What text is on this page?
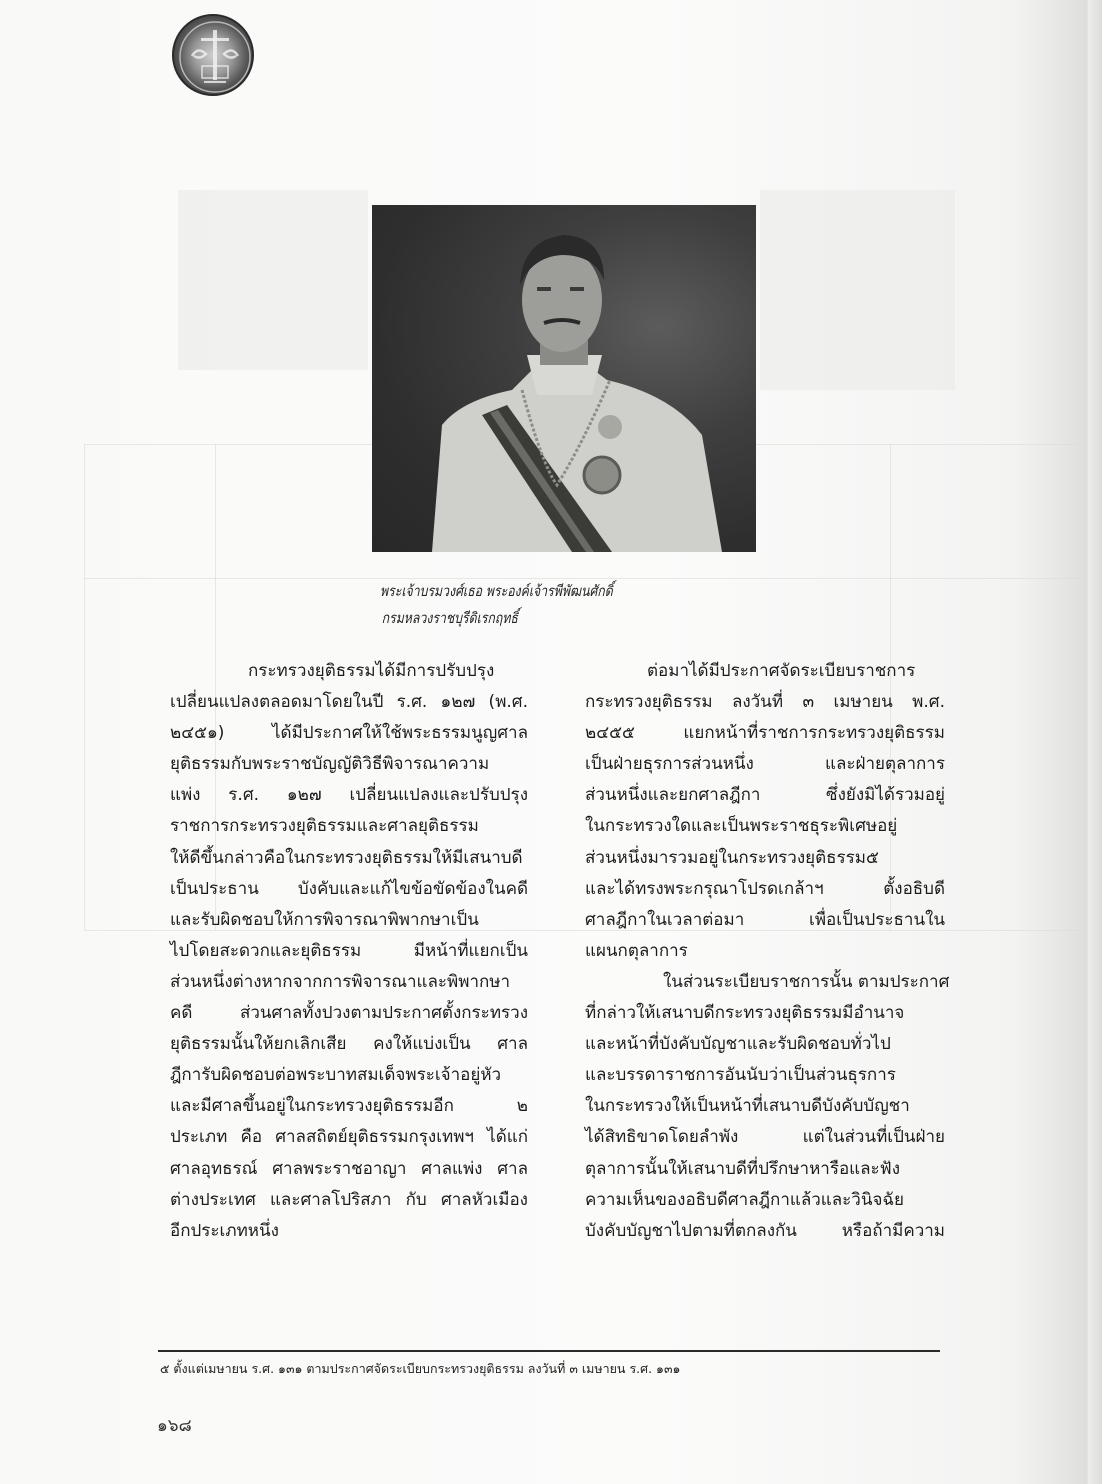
พระเจ้าบรมวงศ์เธอ พระองค์เจ้ารพีพัฒนศักดิ์
กรมหลวงราชบุรีดิเรกฤทธิ์
กระทรวงยุติธรรมได้มีการปรับปรุง
เปลี่ยนแปลงตลอดมาโดยในปี ร.ศ. ๑๒๗ (พ.ศ.
๒๔๕๑) ได้มีประกาศให้ใช้พระธรรมนูญศาล
ยุติธรรมกับพระราชบัญญัติวิธีพิจารณาความ
แพ่ง ร.ศ. ๑๒๗ เปลี่ยนแปลงและปรับปรุง
ราชการกระทรวงยุติธรรมและศาลยุติธรรม
ให้ดีขึ้นกล่าวคือในกระทรวงยุติธรรมให้มีเสนาบดี
เป็นประธาน บังคับและแก้ไขข้อขัดข้องในคดี
และรับผิดชอบให้การพิจารณาพิพากษาเป็น
ไปโดยสะดวกและยุติธรรม มีหน้าที่แยกเป็น
ส่วนหนึ่งต่างหากจากการพิจารณาและพิพากษา
คดี ส่วนศาลทั้งปวงตามประกาศตั้งกระทรวง
ยุติธรรมนั้นให้ยกเลิกเสีย คงให้แบ่งเป็น ศาล
ฎีการับผิดชอบต่อพระบาทสมเด็จพระเจ้าอยู่หัว
และมีศาลขึ้นอยู่ในกระทรวงยุติธรรมอีก ๒
ประเภท คือ ศาลสถิตย์ยุติธรรมกรุงเทพฯ ได้แก่
ศาลอุทธรณ์ ศาลพระราชอาญา ศาลแพ่ง ศาล
ต่างประเทศ และศาลโปริสภา กับ ศาลหัวเมือง
อีกประเภทหนึ่ง
ต่อมาได้มีประกาศจัดระเบียบราชการ
กระทรวงยุติธรรม ลงวันที่ ๓ เมษายน พ.ศ.
๒๔๕๕ แยกหน้าที่ราชการกระทรวงยุติธรรม
เป็นฝ่ายธุรการส่วนหนึ่ง และฝ่ายตุลาการ
ส่วนหนึ่งและยกศาลฎีกา ซึ่งยังมิได้รวมอยู่
ในกระทรวงใดและเป็นพระราชธุระพิเศษอยู่
ส่วนหนึ่งมารวมอยู่ในกระทรวงยุติธรรม๕
และได้ทรงพระกรุณาโปรดเกล้าฯ ตั้งอธิบดี
ศาลฎีกาในเวลาต่อมา เพื่อเป็นประธานใน
แผนกตุลาการ
ในส่วนระเบียบราชการนั้น ตามประกาศ
ที่กล่าวให้เสนาบดีกระทรวงยุติธรรมมีอำนาจ
และหน้าที่บังคับบัญชาและรับผิดชอบทั่วไป
และบรรดาราชการอันนับว่าเป็นส่วนธุรการ
ในกระทรวงให้เป็นหน้าที่เสนาบดีบังคับบัญชา
ได้สิทธิขาดโดยลำพัง แต่ในส่วนที่เป็นฝ่าย
ตุลาการนั้นให้เสนาบดีที่ปรึกษาหารือและฟัง
ความเห็นของอธิบดีศาลฎีกาแล้วและวินิจฉัย
บังคับบัญชาไปตามที่ตกลงกัน หรือถ้ามีความ
๕ ตั้งแต่เมษายน ร.ศ. ๑๓๑ ตามประกาศจัดระเบียบกระทรวงยุติธรรม ลงวันที่ ๓ เมษายน ร.ศ. ๑๓๑
๑๖๘
